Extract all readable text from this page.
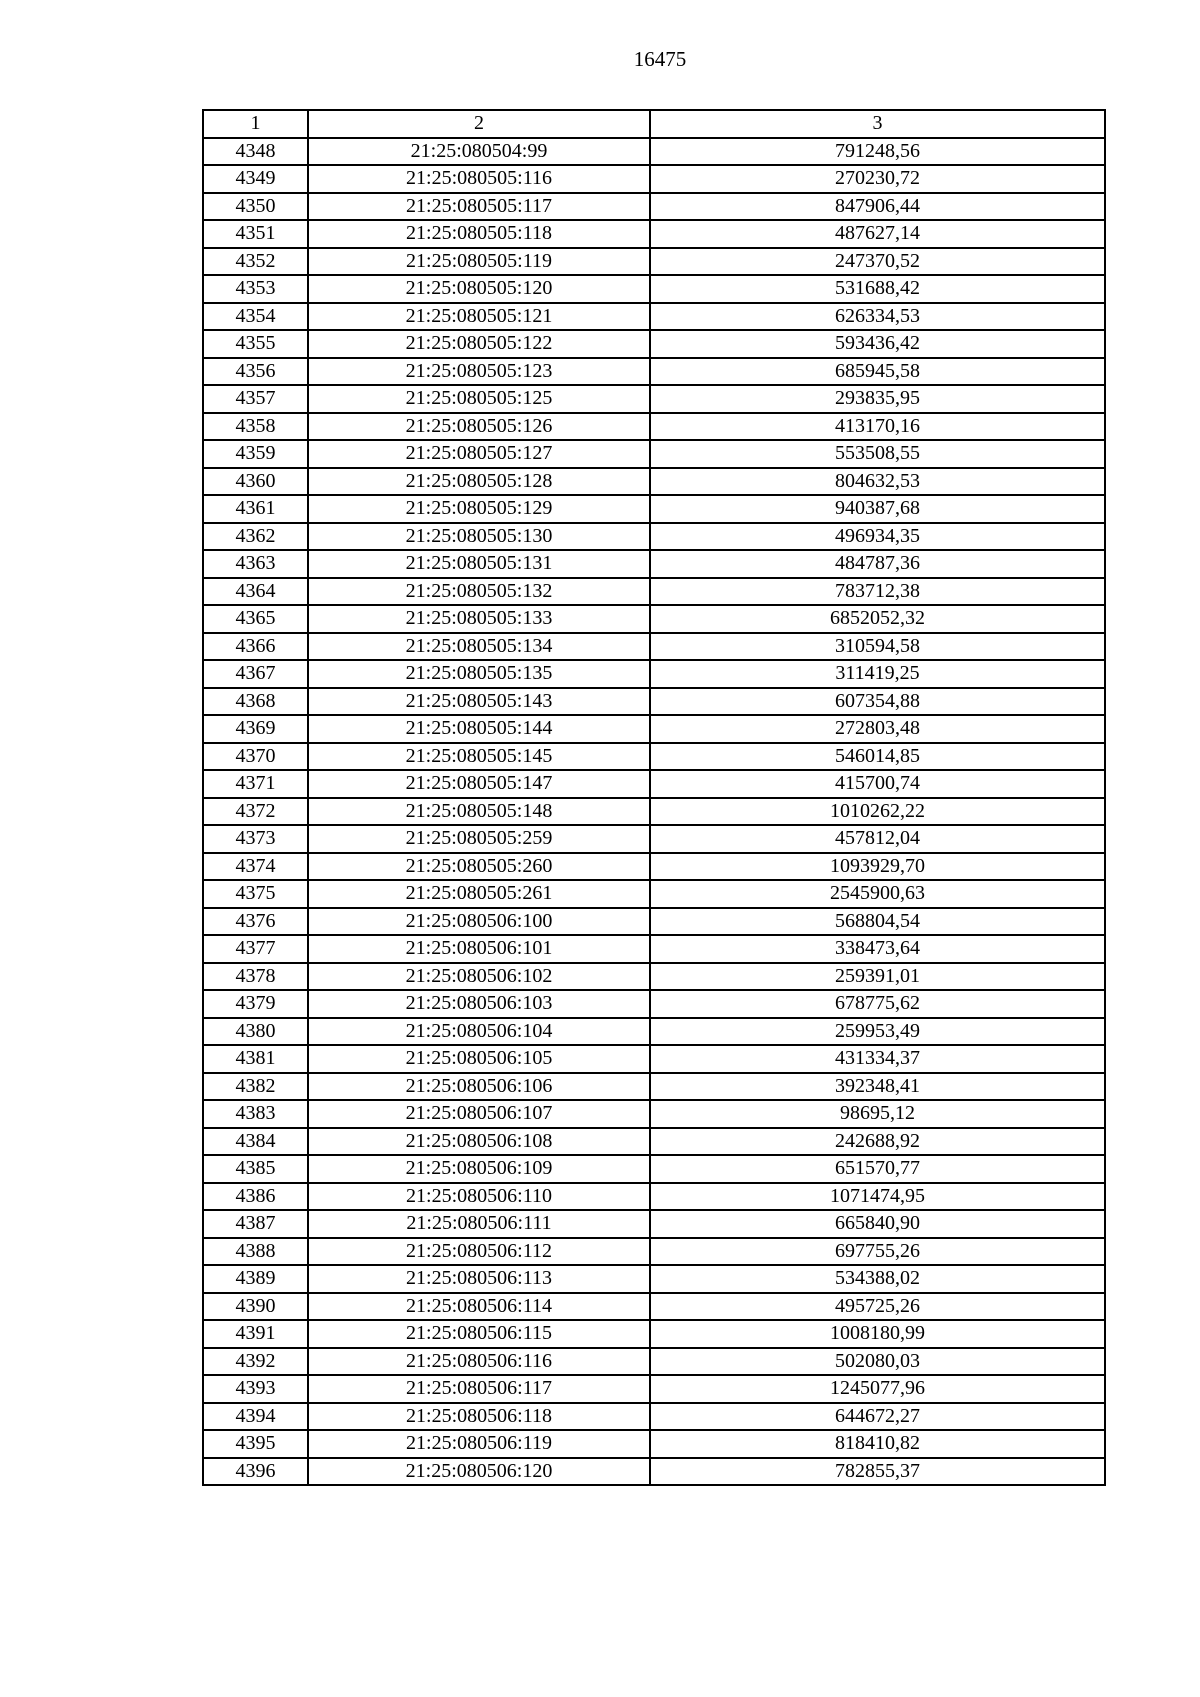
16475
1	2	3
4348	21:25:080504:99	791248,56
4349	21:25:080505:116	270230,72
4350	21:25:080505:117	847906,44
4351	21:25:080505:118	487627,14
4352	21:25:080505:119	247370,52
4353	21:25:080505:120	531688,42
4354	21:25:080505:121	626334,53
4355	21:25:080505:122	593436,42
4356	21:25:080505:123	685945,58
4357	21:25:080505:125	293835,95
4358	21:25:080505:126	413170,16
4359	21:25:080505:127	553508,55
4360	21:25:080505:128	804632,53
4361	21:25:080505:129	940387,68
4362	21:25:080505:130	496934,35
4363	21:25:080505:131	484787,36
4364	21:25:080505:132	783712,38
4365	21:25:080505:133	6852052,32
4366	21:25:080505:134	310594,58
4367	21:25:080505:135	311419,25
4368	21:25:080505:143	607354,88
4369	21:25:080505:144	272803,48
4370	21:25:080505:145	546014,85
4371	21:25:080505:147	415700,74
4372	21:25:080505:148	1010262,22
4373	21:25:080505:259	457812,04
4374	21:25:080505:260	1093929,70
4375	21:25:080505:261	2545900,63
4376	21:25:080506:100	568804,54
4377	21:25:080506:101	338473,64
4378	21:25:080506:102	259391,01
4379	21:25:080506:103	678775,62
4380	21:25:080506:104	259953,49
4381	21:25:080506:105	431334,37
4382	21:25:080506:106	392348,41
4383	21:25:080506:107	98695,12
4384	21:25:080506:108	242688,92
4385	21:25:080506:109	651570,77
4386	21:25:080506:110	1071474,95
4387	21:25:080506:111	665840,90
4388	21:25:080506:112	697755,26
4389	21:25:080506:113	534388,02
4390	21:25:080506:114	495725,26
4391	21:25:080506:115	1008180,99
4392	21:25:080506:116	502080,03
4393	21:25:080506:117	1245077,96
4394	21:25:080506:118	644672,27
4395	21:25:080506:119	818410,82
4396	21:25:080506:120	782855,37
